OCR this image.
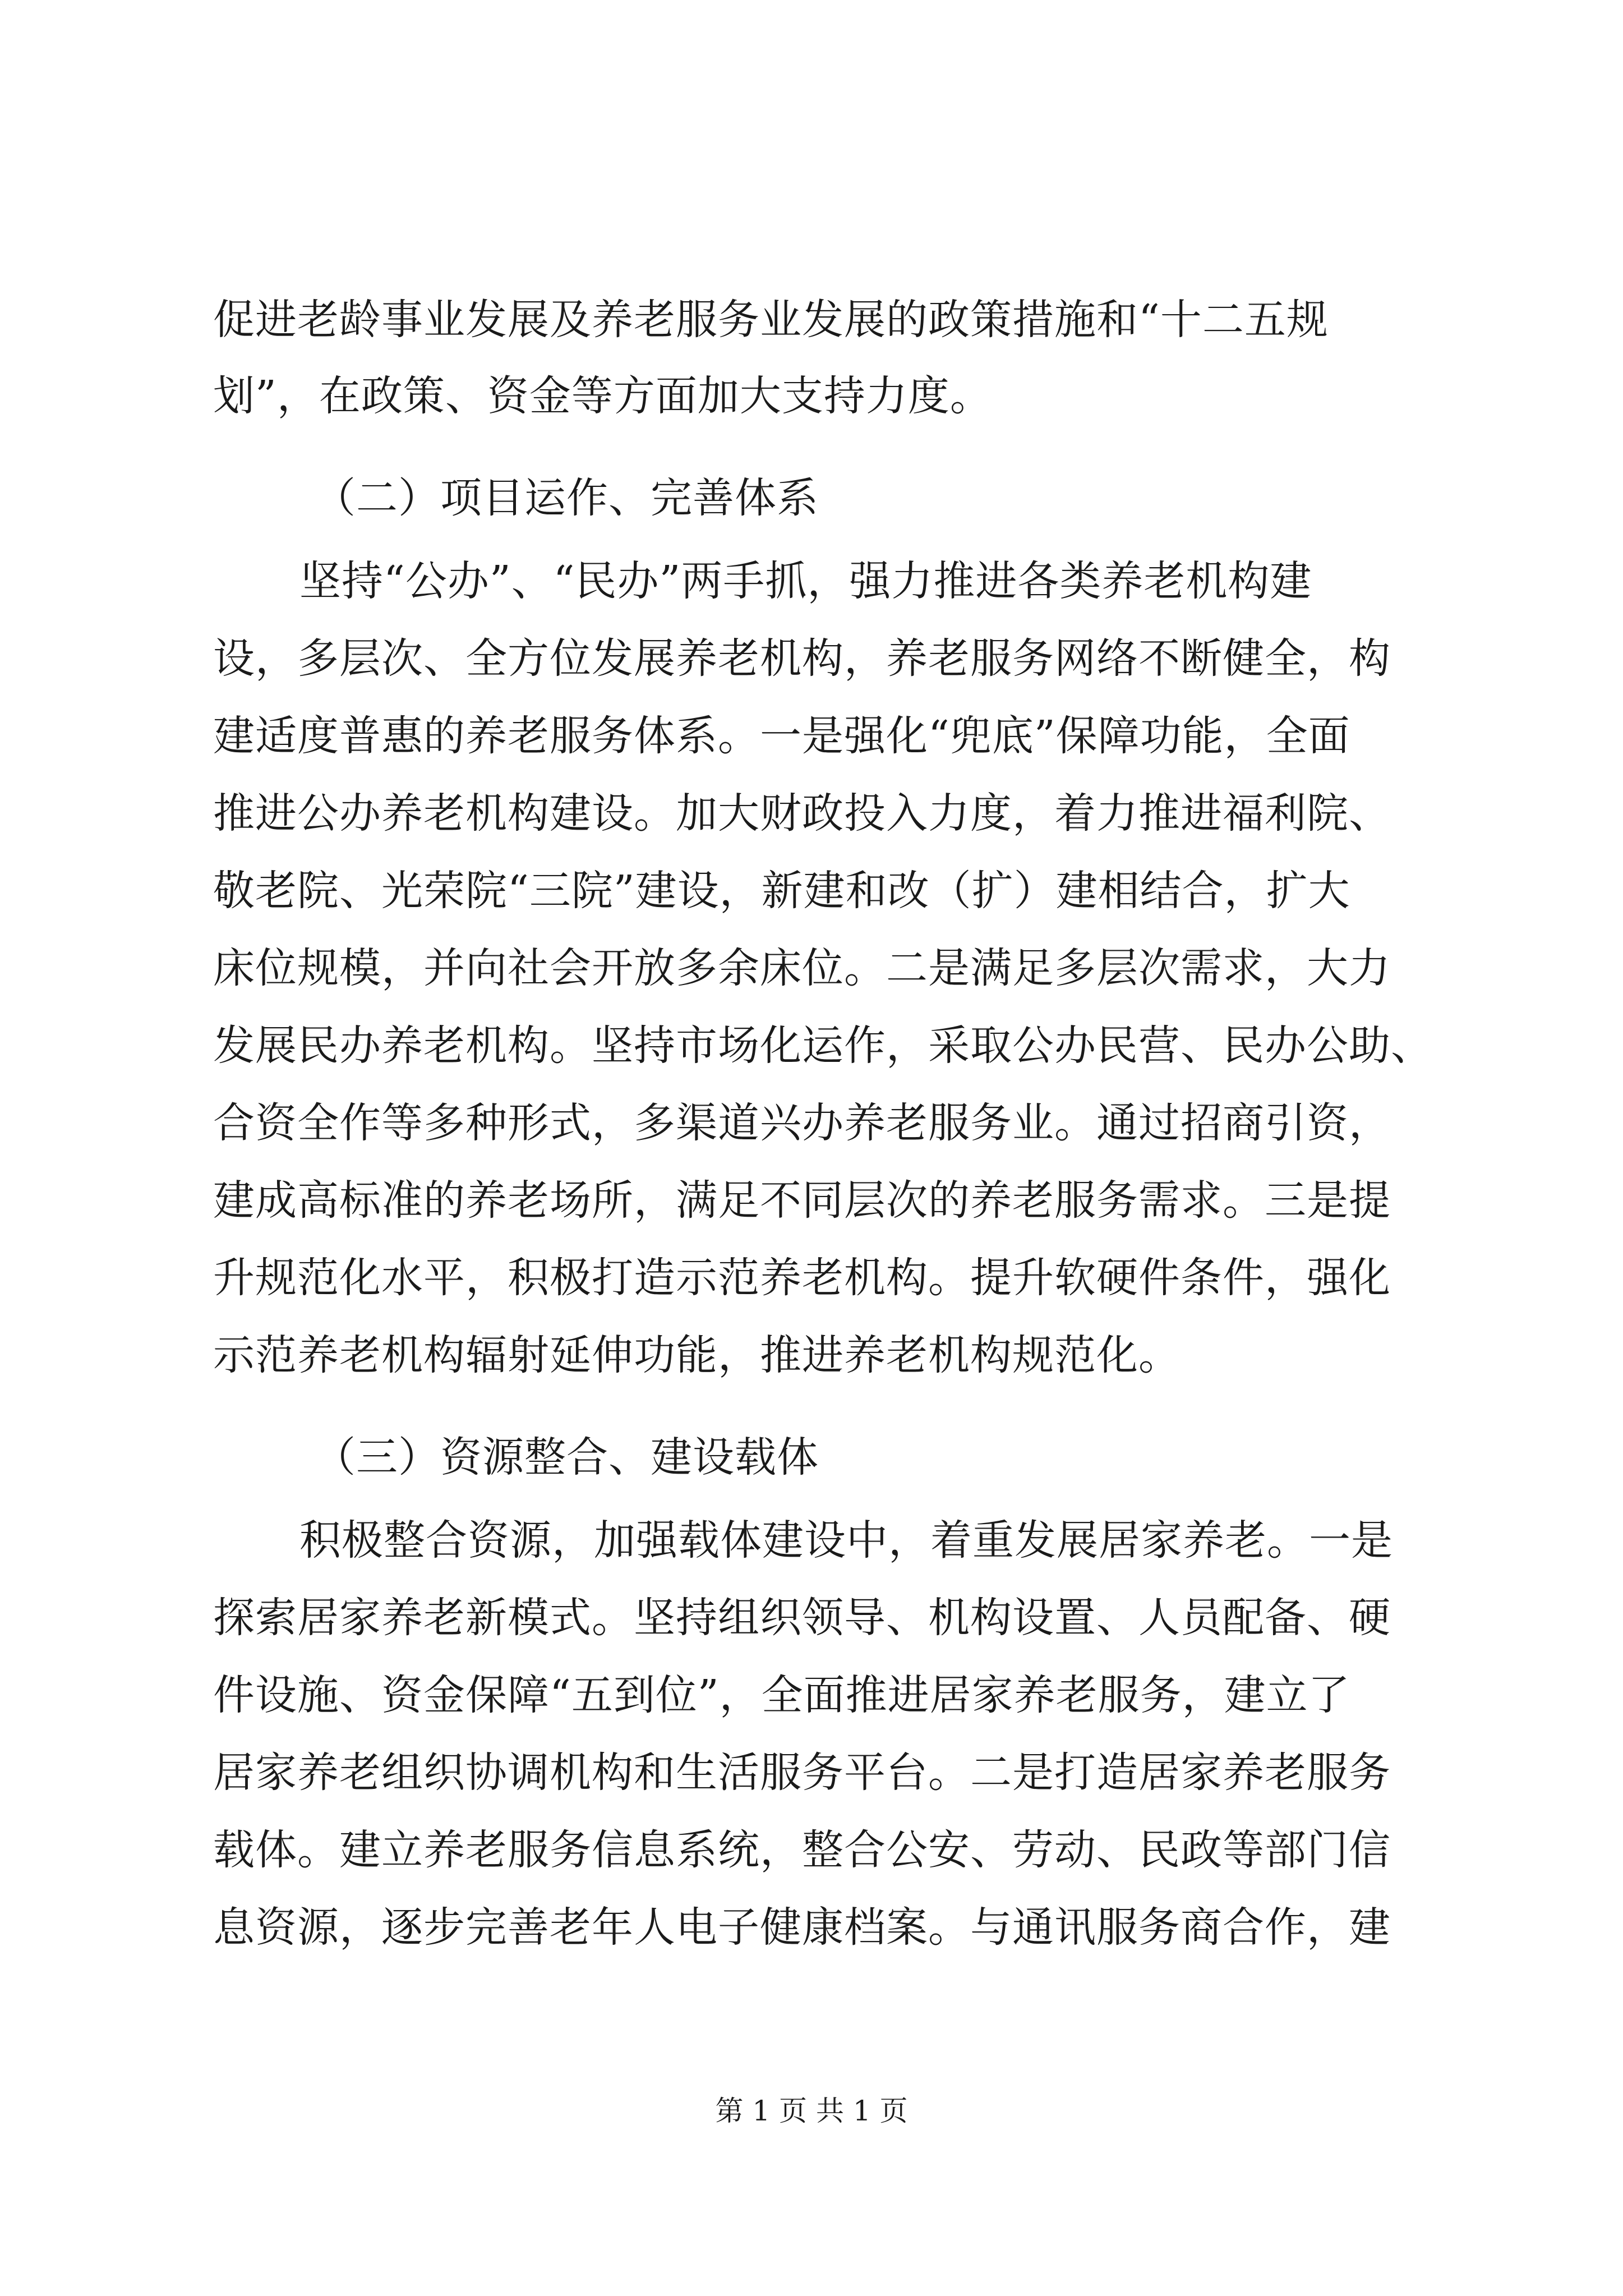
促进老龄事业发展及养老服务业发展的政策措施和“十二五规
划”，在政策、资金等方面加大支持力度。
（二）项目运作、完善体系
坚持“公办”、“民办”两手抓，强力推进各类养老机构建
设，多层次、全方位发展养老机构，养老服务网络不断健全，构
建适度普惠的养老服务体系。一是强化“兜底”保障功能，全面
推进公办养老机构建设。加大财政投入力度，着力推进福利院、
敬老院、光荣院“三院”建设，新建和改（扩）建相结合，扩大
床位规模，并向社会开放多余床位。二是满足多层次需求，大力
发展民办养老机构。坚持市场化运作，采取公办民营、民办公助、
合资全作等多种形式，多渠道兴办养老服务业。通过招商引资，
建成高标准的养老场所，满足不同层次的养老服务需求。三是提
升规范化水平，积极打造示范养老机构。提升软硬件条件，强化
示范养老机构辐射延伸功能，推进养老机构规范化。
（三）资源整合、建设载体
积极整合资源，加强载体建设中，着重发展居家养老。一是
探索居家养老新模式。坚持组织领导、机构设置、人员配备、硬
件设施、资金保障“五到位”，全面推进居家养老服务，建立了
居家养老组织协调机构和生活服务平台。二是打造居家养老服务
载体。建立养老服务信息系统，整合公安、劳动、民政等部门信
息资源，逐步完善老年人电子健康档案。与通讯服务商合作，建
第 1 页 共 1 页
